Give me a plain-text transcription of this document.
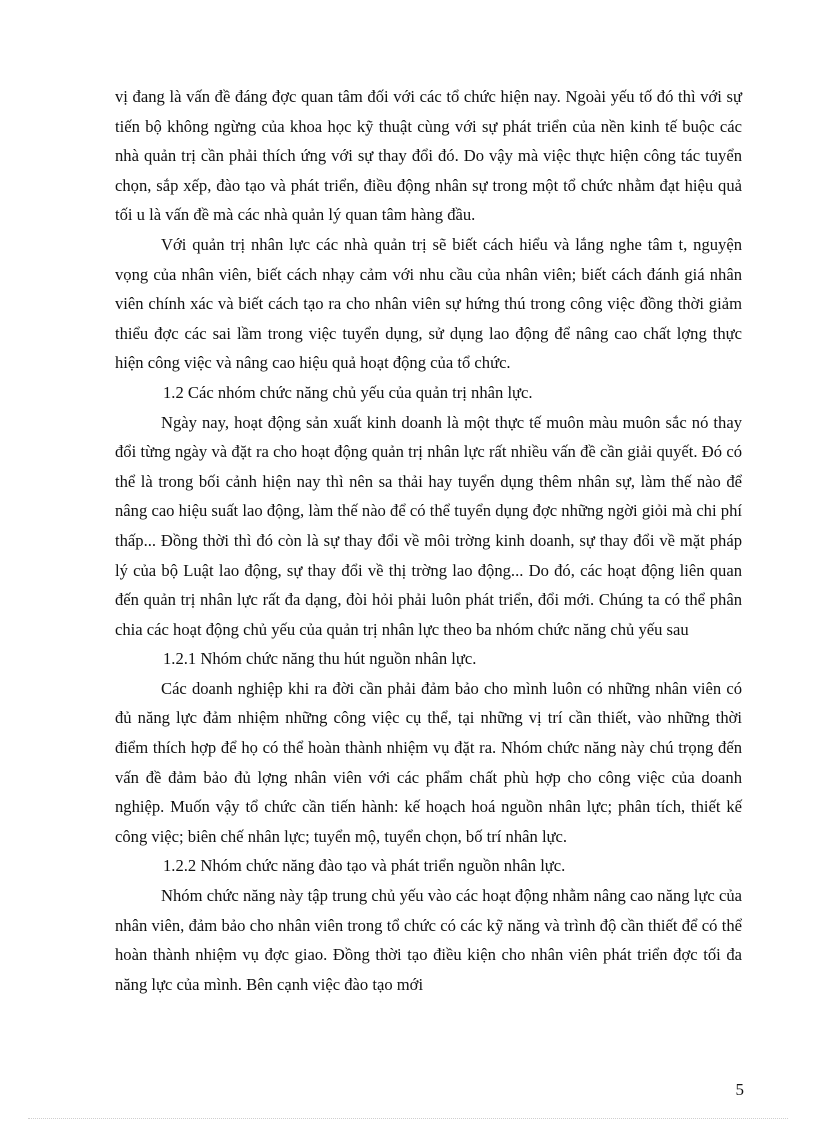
vị đang là vấn đề đáng đợc quan tâm đối với các tổ chức hiện nay. Ngoài yếu tố đó thì với sự tiến bộ không ngừng của khoa học kỹ thuật cùng với sự phát triển của nền kinh tế buộc các nhà quản trị cần phải thích ứng với sự thay đổi đó. Do vậy mà việc thực hiện công tác tuyển chọn, sắp xếp, đào tạo và phát triển, điều động nhân sự trong một tổ chức nhằm đạt hiệu quả tối u là vấn đề mà các nhà quản lý quan tâm hàng đầu.

Với quản trị nhân lực các nhà quản trị sẽ biết cách hiểu và lắng nghe tâm t, nguyện vọng của nhân viên, biết cách nhạy cảm với nhu cầu của nhân viên; biết cách đánh giá nhân viên chính xác và biết cách tạo ra cho nhân viên sự hứng thú trong công việc đồng thời giảm thiểu đợc các sai lầm trong việc tuyển dụng, sử dụng lao động để nâng cao chất lợng thực hiện công việc và nâng cao hiệu quả hoạt động của tổ chức.

1.2 Các nhóm chức năng chủ yếu của quản trị nhân lực.

Ngày nay, hoạt động sản xuất kinh doanh là một thực tế muôn màu muôn sắc nó thay đổi từng ngày và đặt ra cho hoạt động quản trị nhân lực rất nhiều vấn đề cần giải quyết. Đó có thể là trong bối cảnh hiện nay thì nên sa thải hay tuyển dụng thêm nhân sự, làm thế nào để nâng cao hiệu suất lao động, làm thế nào để có thể tuyển dụng đợc những ngời giỏi mà chi phí thấp... Đồng thời thì đó còn là sự thay đổi về môi trờng kinh doanh, sự thay đổi về mặt pháp lý của bộ Luật lao động, sự thay đổi về thị trờng lao động... Do đó, các hoạt động liên quan đến quản trị nhân lực rất đa dạng, đòi hỏi phải luôn phát triển, đổi mới. Chúng ta có thể phân chia các hoạt động chủ yếu của quản trị nhân lực theo ba nhóm chức năng chủ yếu sau

1.2.1 Nhóm chức năng thu hút nguồn nhân lực.

Các doanh nghiệp khi ra đời cần phải đảm bảo cho mình luôn có những nhân viên có đủ năng lực đảm nhiệm những công việc cụ thể, tại những vị trí cần thiết, vào những thời điểm thích hợp để họ có thể hoàn thành nhiệm vụ đặt ra. Nhóm chức năng này chú trọng đến vấn đề đảm bảo đủ lợng nhân viên với các phẩm chất phù hợp cho công việc của doanh nghiệp. Muốn vậy tổ chức cần tiến hành: kế hoạch hoá nguồn nhân lực; phân tích, thiết kế công việc; biên chế nhân lực; tuyển mộ, tuyển chọn, bố trí nhân lực.

1.2.2 Nhóm chức năng đào tạo và phát triển nguồn nhân lực.

Nhóm chức năng này tập trung chủ yếu vào các hoạt động nhằm nâng cao năng lực của nhân viên, đảm bảo cho nhân viên trong tổ chức có các kỹ năng và trình độ cần thiết để có thể hoàn thành nhiệm vụ đợc giao. Đồng thời tạo điều kiện cho nhân viên phát triển đợc tối đa năng lực của mình. Bên cạnh việc đào tạo mới

5
